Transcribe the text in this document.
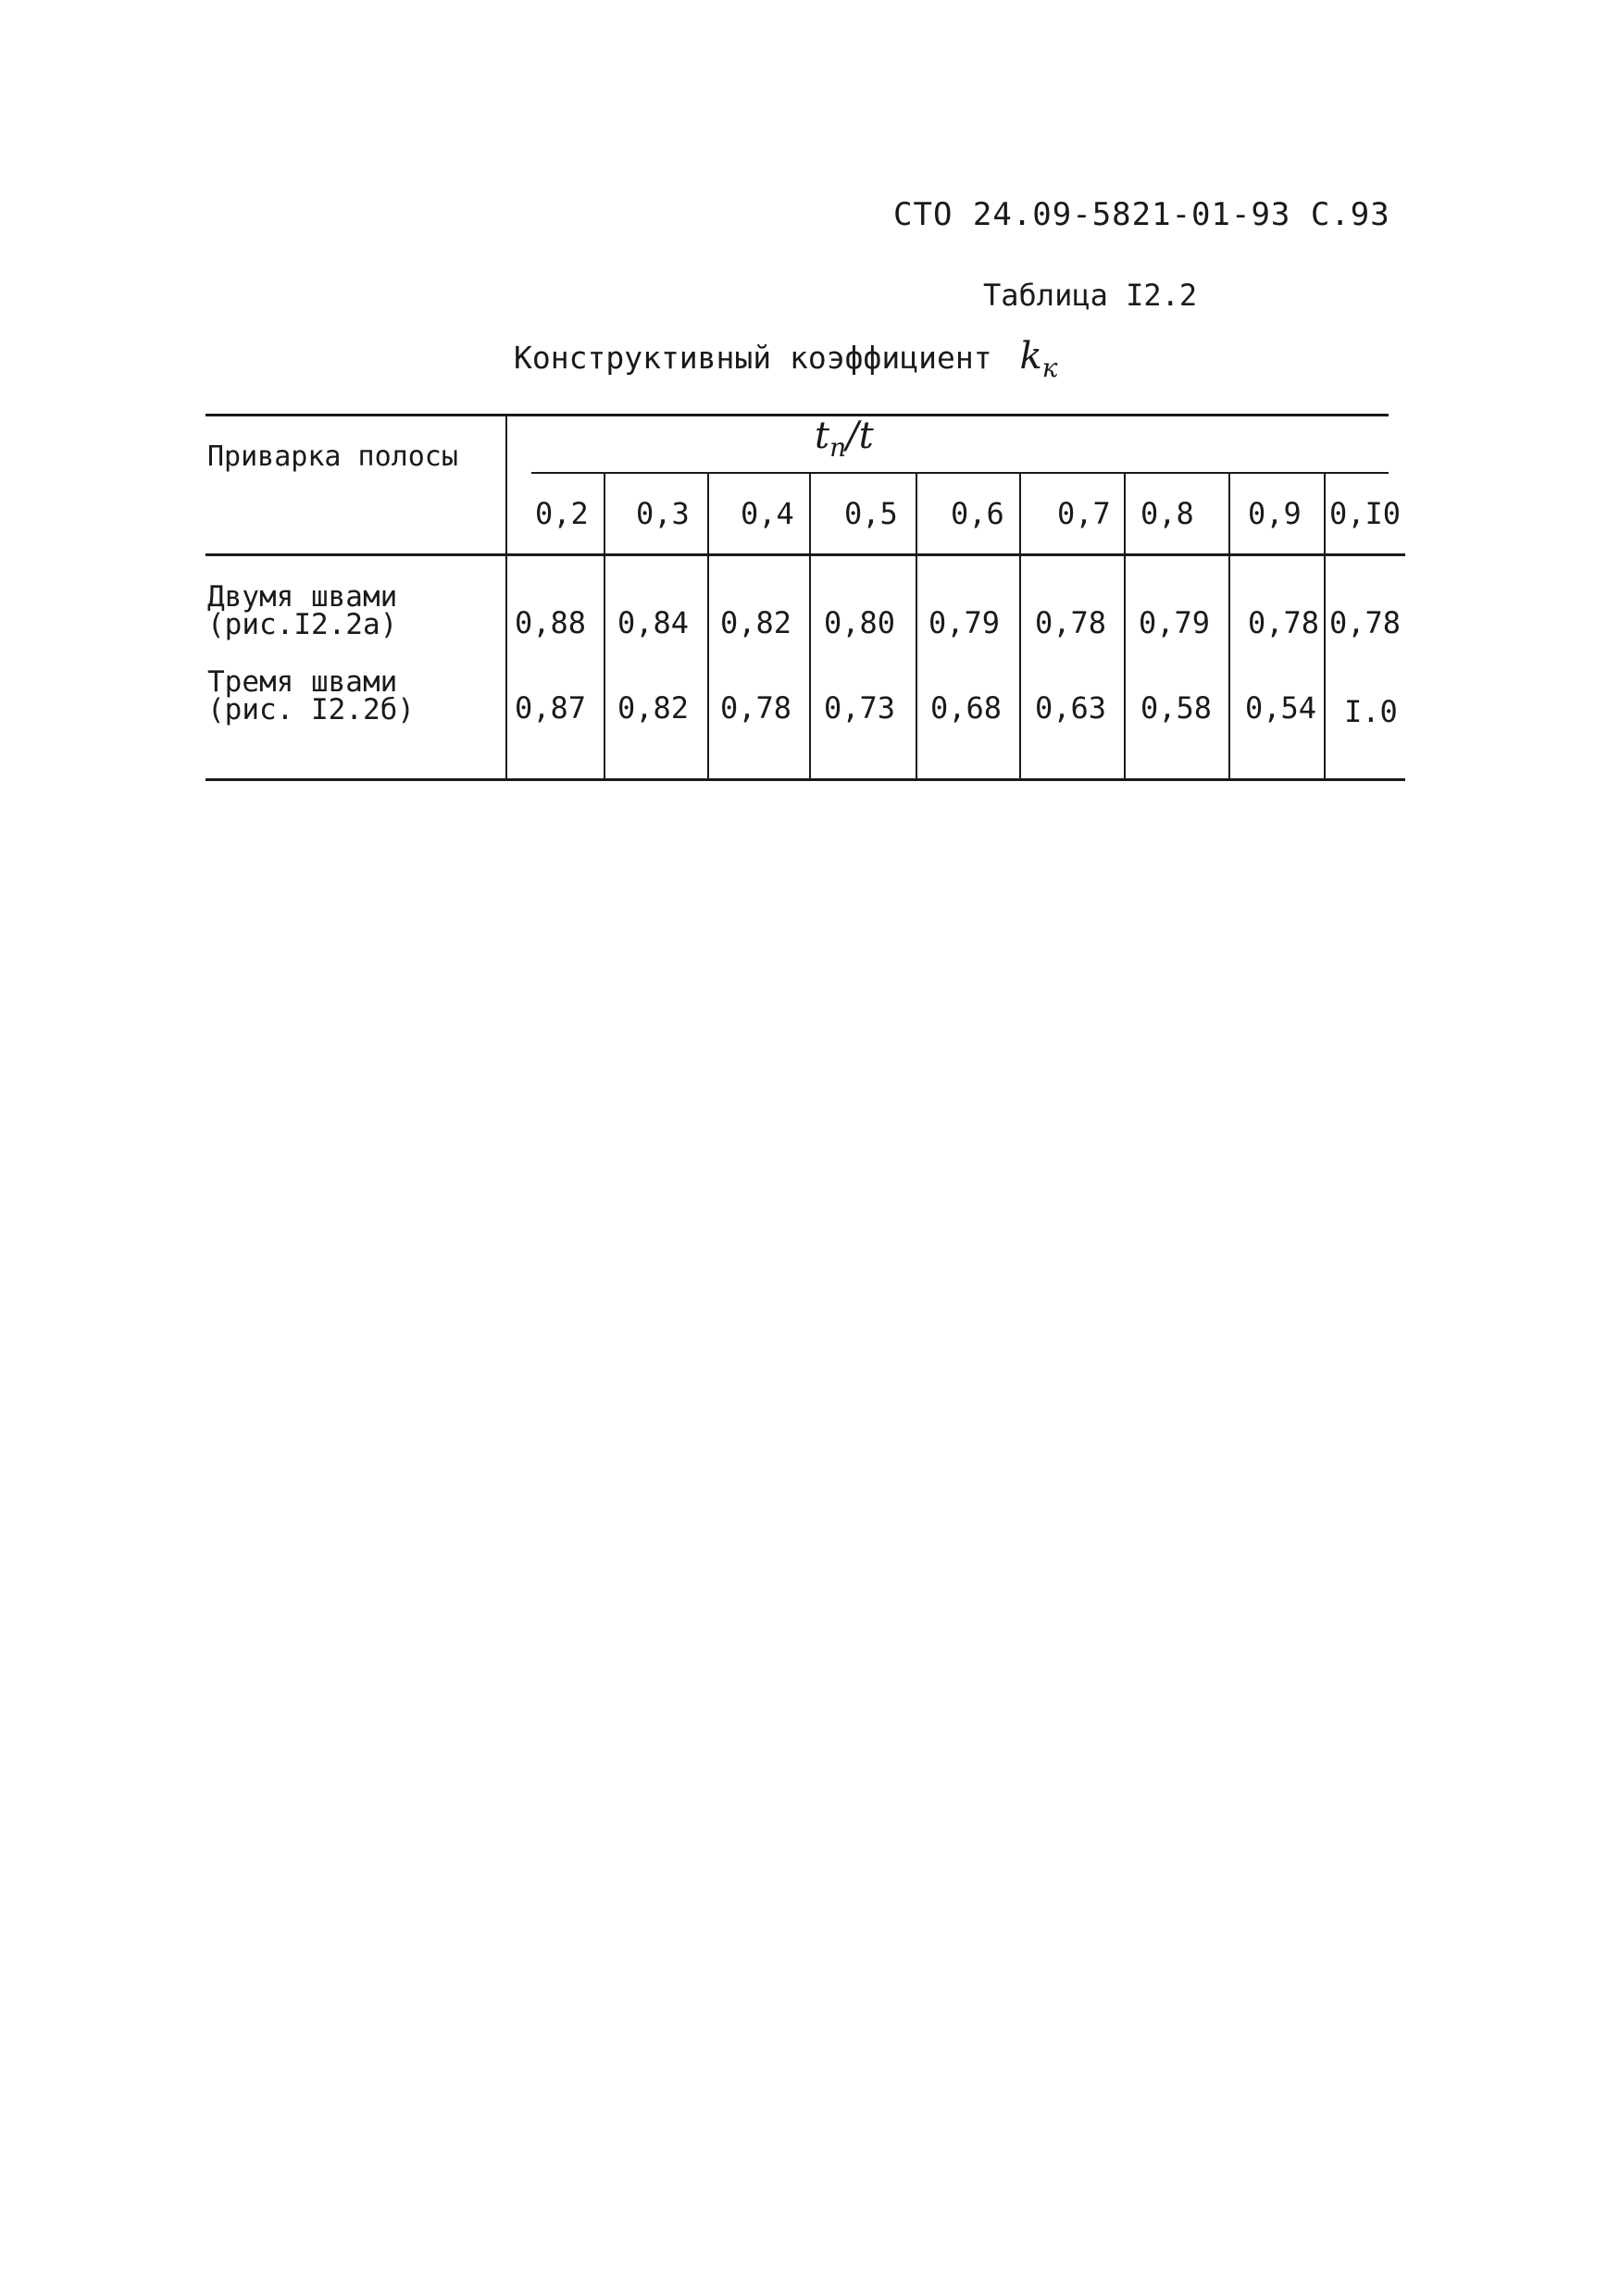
СТО 24.09-5821-01-93 С.93
Таблица I2.2
Конструктивный коэффициент $k_к$
Приварка полосы	$t_п/t$
0,2 0,3 0,4 0,5 0,6 0,7 0,8 0,9 0,I0
Двумя швами
(рис.I2.2а)	0,88 0,84 0,82 0,80 0,79 0,78 0,79 0,78 0,78
Тремя швами
(рис. I2.2б)	0,87 0,82 0,78 0,73 0,68 0,63 0,58 0,54 I.0
